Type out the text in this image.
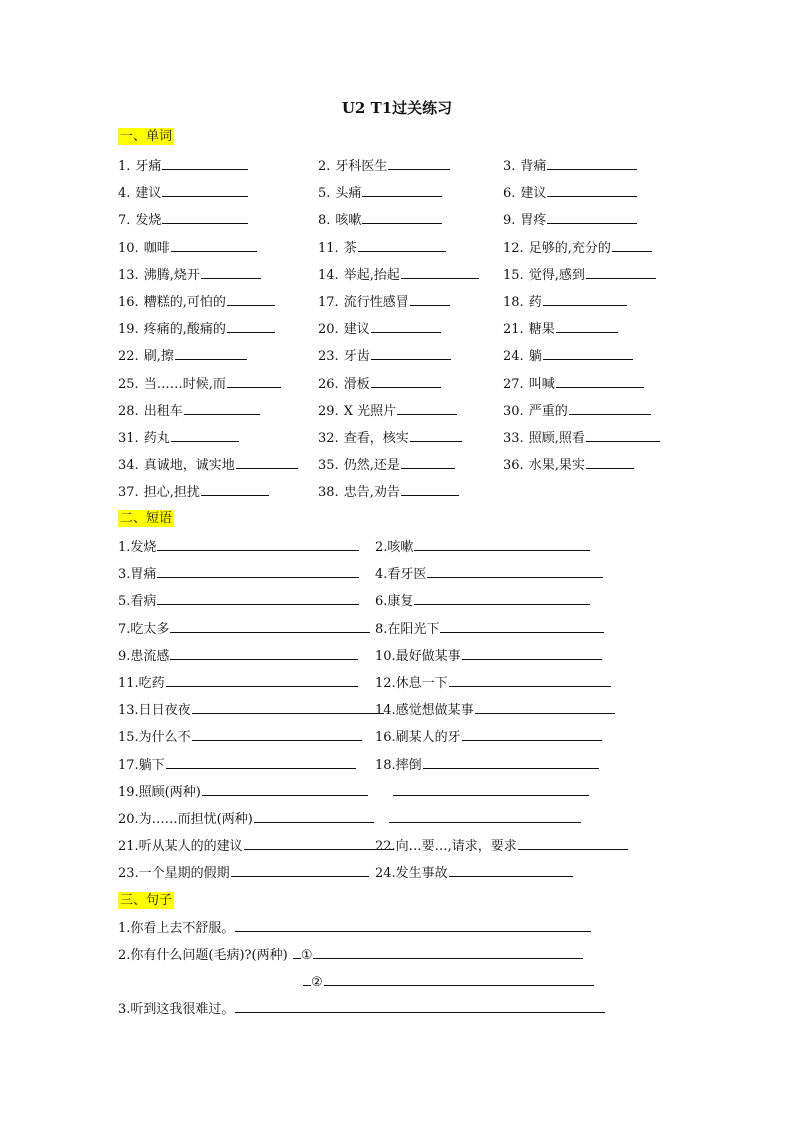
U2 T1过关练习
一、单词
1. 牙痛	2. 牙科医生	3. 背痛
4. 建议	5. 头痛	6. 建议
7. 发烧	8. 咳嗽	9. 胃疼
10. 咖啡	11. 茶	12. 足够的,充分的
13. 沸腾,烧开	14. 举起,抬起	15. 觉得,感到
16. 糟糕的,可怕的	17. 流行性感冒	18. 药
19. 疼痛的,酸痛的	20. 建议	21. 糖果
22. 刷,擦	23. 牙齿	24. 躺
25. 当……时候,而	26. 滑板	27. 叫喊
28. 出租车	29. X 光照片	30. 严重的
31. 药丸	32. 查看，核实	33. 照顾,照看
34. 真诚地，诚实地	35. 仍然,还是	36. 水果,果实
37. 担心,担扰	38. 忠告,劝告
二、短语
1.发烧	2.咳嗽
3.胃痛	4.看牙医
5.看病	6.康复
7.吃太多	8.在阳光下
9.患流感	10.最好做某事
11.吃药	12.休息一下
13.日日夜夜	14.感觉想做某事
15.为什么不	16.刷某人的牙
17.躺下	18.摔倒
19.照顾(两种)
20.为……而担忧(两种)
21.听从某人的的建议	22.向…要…,请求，要求
23.一个星期的假期	24.发生事故
三、句子
1.你看上去不舒服。
2.你有什么问题(毛病)?(两种) ①
②
3.听到这我很难过。
